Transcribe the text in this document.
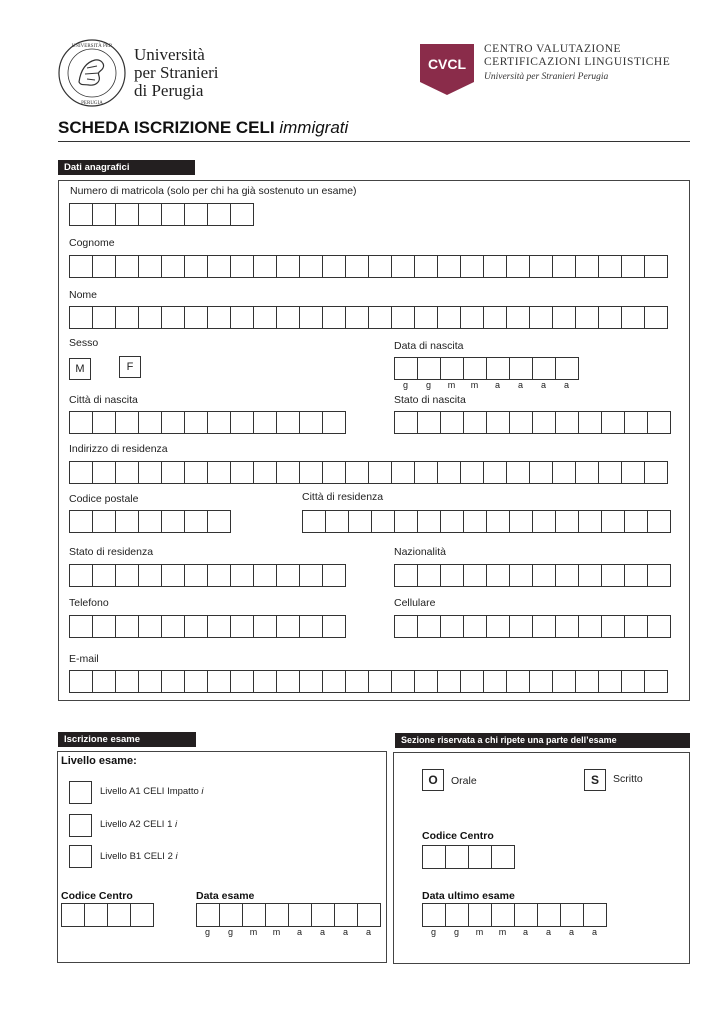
UNIVERSITÀ PER
PERUGIA
Università
per Stranieri
di Perugia
CVCL
CENTRO VALUTAZIONE
CERTIFICAZIONI LINGUISTICHE
Università per Stranieri Perugia
SCHEDA ISCRIZIONE CELI immigrati
Dati anagrafici
Numero di matricola (solo per chi ha già sostenuto un esame)
Cognome
Nome
Sesso
M	F
Data di nascita
g	g	m	m	a	a	a	a
Città di nascita	Stato di nascita
Indirizzo di residenza
Codice postale	Città di residenza
Stato di residenza	Nazionalità
Telefono	Cellulare
E-mail
Iscrizione esame
Livello esame:
Livello A1 CELI Impatto i
Livello A2 CELI 1 i
Livello B1 CELI 2 i
Codice Centro	Data esame
g	g	m	m	a	a	a	a
Sezione riservata a chi ripete una parte dell’esame
O Orale	S Scritto
Codice Centro
Data ultimo esame
g	g	m	m	a	a	a	a
